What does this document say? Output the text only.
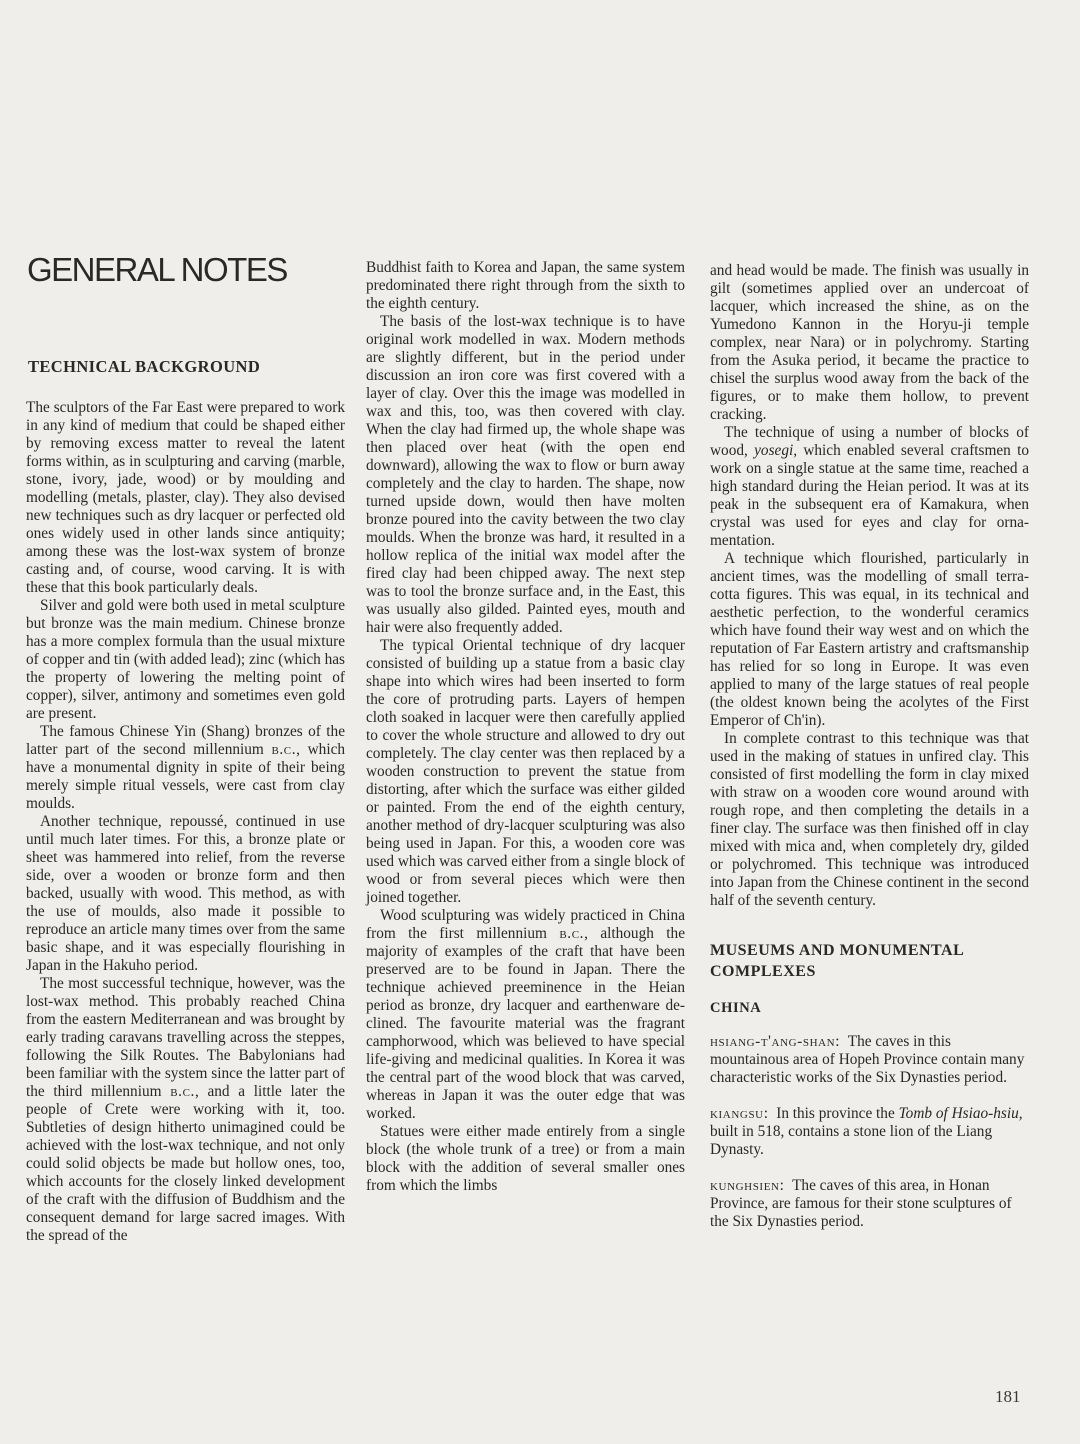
GENERAL NOTES
TECHNICAL BACKGROUND

The sculptors of the Far East were prepared to work in any kind of medium that could be shaped either by removing excess matter to reveal the latent forms within, as in sculpturing and carving (marble, stone, ivory, jade, wood) or by moulding and modelling (metals, plaster, clay). They also devised new techniques such as dry lacquer or perfected old ones widely used in other lands since antiquity; among these was the lost-wax system of bronze casting and, of course, wood carving. It is with these that this book particularly deals.

Silver and gold were both used in metal sculpture but bronze was the main medium. Chinese bronze has a more complex formula than the usual mixture of copper and tin (with added lead); zinc (which has the property of lowering the melting point of copper), silver, antimony and sometimes even gold are present.

The famous Chinese Yin (Shang) bronzes of the latter part of the second millennium b.c., which have a monumental dignity in spite of their being merely simple ritual vessels, were cast from clay moulds.

Another technique, repoussé, continued in use until much later times. For this, a bronze plate or sheet was hammered into relief, from the reverse side, over a wooden or bronze form and then backed, usually with wood. This method, as with the use of moulds, also made it possible to reproduce an article many times over from the same basic shape, and it was especially flourishing in Japan in the Hakuho period.

The most successful technique, however, was the lost-wax method. This probably reached China from the eastern Mediterranean and was brought by early trading caravans travelling across the steppes, following the Silk Routes. The Babylonians had been familiar with the system since the latter part of the third millennium b.c., and a little later the people of Crete were working with it, too. Subtleties of design hitherto unimagined could be achieved with the lost-wax technique, and not only could solid objects be made but hollow ones, too, which accounts for the closely linked development of the craft with the diffusion of Buddhism and the consequent demand for large sacred images. With the spread of the

Buddhist faith to Korea and Japan, the same system predominated there right through from the sixth to the eighth century.

The basis of the lost-wax technique is to have original work modelled in wax. Modern methods are slightly different, but in the period under discussion an iron core was first covered with a layer of clay. Over this the image was modelled in wax and this, too, was then covered with clay. When the clay had firmed up, the whole shape was then placed over heat (with the open end downward), allowing the wax to flow or burn away completely and the clay to harden. The shape, now turned upside down, would then have molten bronze poured into the cavity between the two clay moulds. When the bronze was hard, it resulted in a hollow replica of the initial wax model after the fired clay had been chipped away. The next step was to tool the bronze surface and, in the East, this was usually also gilded. Painted eyes, mouth and hair were also frequently added.

The typical Oriental technique of dry lacquer consisted of building up a statue from a basic clay shape into which wires had been inserted to form the core of protruding parts. Layers of hempen cloth soaked in lacquer were then carefully applied to cover the whole structure and allowed to dry out completely. The clay center was then replaced by a wooden construction to prevent the statue from distorting, after which the surface was either gilded or painted. From the end of the eighth century, another method of dry-lacquer sculpturing was also being used in Japan. For this, a wooden core was used which was carved either from a single block of wood or from several pieces which were then joined together.

Wood sculpturing was widely practiced in China from the first millennium b.c., although the majority of examples of the craft that have been preserved are to be found in Japan. There the technique achieved preeminence in the Heian period as bronze, dry lacquer and earthenware declined. The favourite material was the fragrant camphorwood, which was believed to have special life-giving and medicinal qualities. In Korea it was the central part of the wood block that was carved, whereas in Japan it was the outer edge that was worked.

Statues were either made entirely from a single block (the whole trunk of a tree) or from a main block with the addition of several smaller ones from which the limbs

and head would be made. The finish was usually in gilt (sometimes applied over an undercoat of lacquer, which increased the shine, as on the Yumedono Kannon in the Horyu-ji temple complex, near Nara) or in polychromy. Starting from the Asuka period, it became the practice to chisel the surplus wood away from the back of the figures, or to make them hollow, to prevent cracking.

The technique of using a number of blocks of wood, yosegi, which enabled several craftsmen to work on a single statue at the same time, reached a high standard during the Heian period. It was at its peak in the subsequent era of Kamakura, when crystal was used for eyes and clay for ornamentation.

A technique which flourished, particularly in ancient times, was the modelling of small terra-cotta figures. This was equal, in its technical and aesthetic perfection, to the wonderful ceramics which have found their way west and on which the reputation of Far Eastern artistry and craftsmanship has relied for so long in Europe. It was even applied to many of the large statues of real people (the oldest known being the acolytes of the First Emperor of Ch'in).

In complete contrast to this technique was that used in the making of statues in unfired clay. This consisted of first modelling the form in clay mixed with straw on a wooden core wound around with rough rope, and then completing the details in a finer clay. The surface was then finished off in clay mixed with mica and, when completely dry, gilded or polychromed. This technique was introduced into Japan from the Chinese continent in the second half of the seventh century.

MUSEUMS AND MONUMENTAL
COMPLEXES
CHINA

hsiang-t'ang-shan: The caves in this mountainous area of Hopeh Province contain many characteristic works of the Six Dynasties period.

kiangsu: In this province the Tomb of Hsiao-hsiu, built in 518, contains a stone lion of the Liang Dynasty.

kunghsien: The caves of this area, in Honan Province, are famous for their stone sculptures of the Six Dynasties period.

181
